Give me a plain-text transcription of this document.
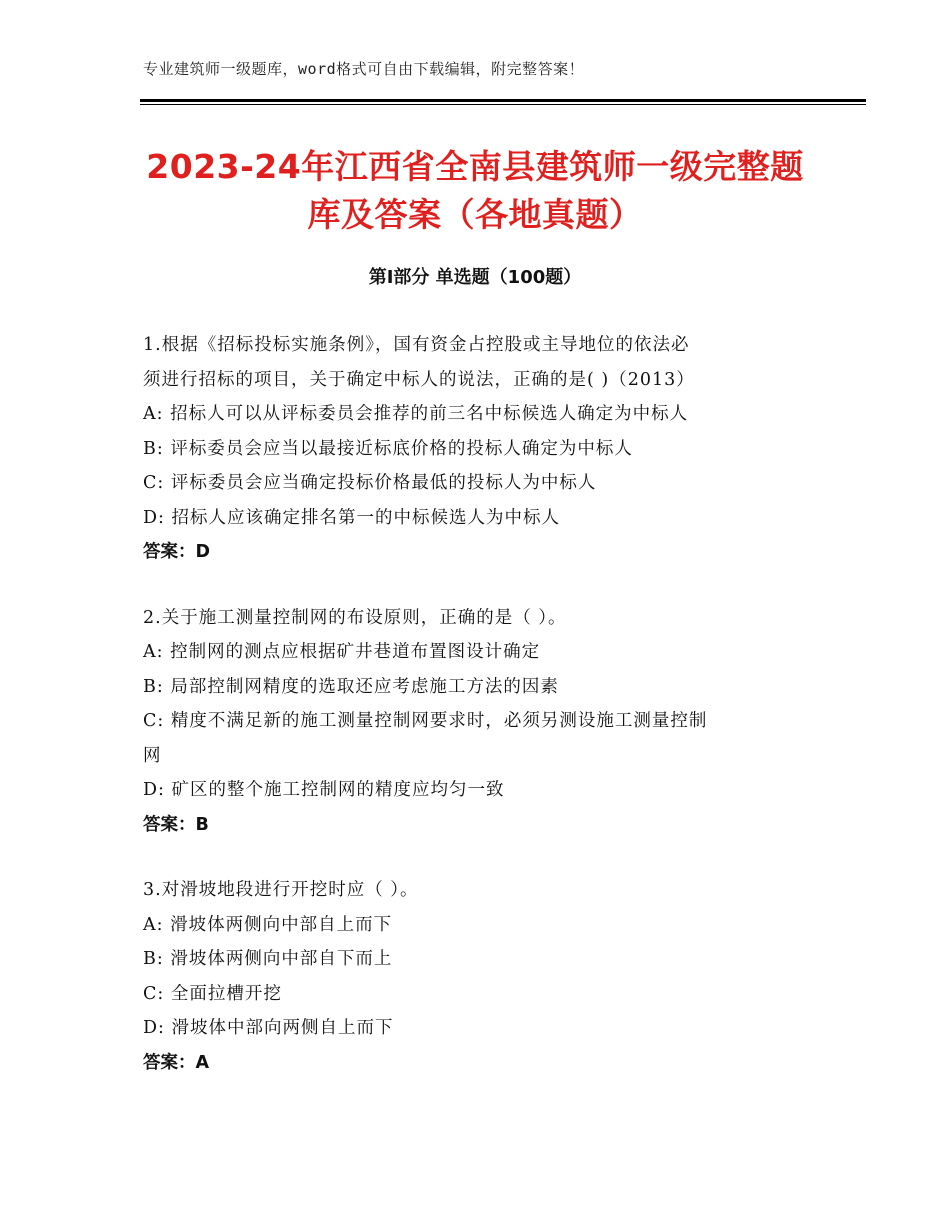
专业建筑师一级题库，word格式可自由下载编辑，附完整答案！
2023-24年江西省全南县建筑师一级完整题
库及答案（各地真题）
第Ⅰ部分 单选题（100题）
1.根据《招标投标实施条例》，国有资金占控股或主导地位的依法必
须进行招标的项目，关于确定中标人的说法，正确的是( )（2013）
A: 招标人可以从评标委员会推荐的前三名中标候选人确定为中标人
B: 评标委员会应当以最接近标底价格的投标人确定为中标人
C: 评标委员会应当确定投标价格最低的投标人为中标人
D: 招标人应该确定排名第一的中标候选人为中标人
答案：D
2.关于施工测量控制网的布设原则，正确的是（ ）。
A: 控制网的测点应根据矿井巷道布置图设计确定
B: 局部控制网精度的选取还应考虑施工方法的因素
C: 精度不满足新的施工测量控制网要求时，必须另测设施工测量控制
网
D: 矿区的整个施工控制网的精度应均匀一致
答案：B
3.对滑坡地段进行开挖时应（ ）。
A: 滑坡体两侧向中部自上而下
B: 滑坡体两侧向中部自下而上
C: 全面拉槽开挖
D: 滑坡体中部向两侧自上而下
答案：A
